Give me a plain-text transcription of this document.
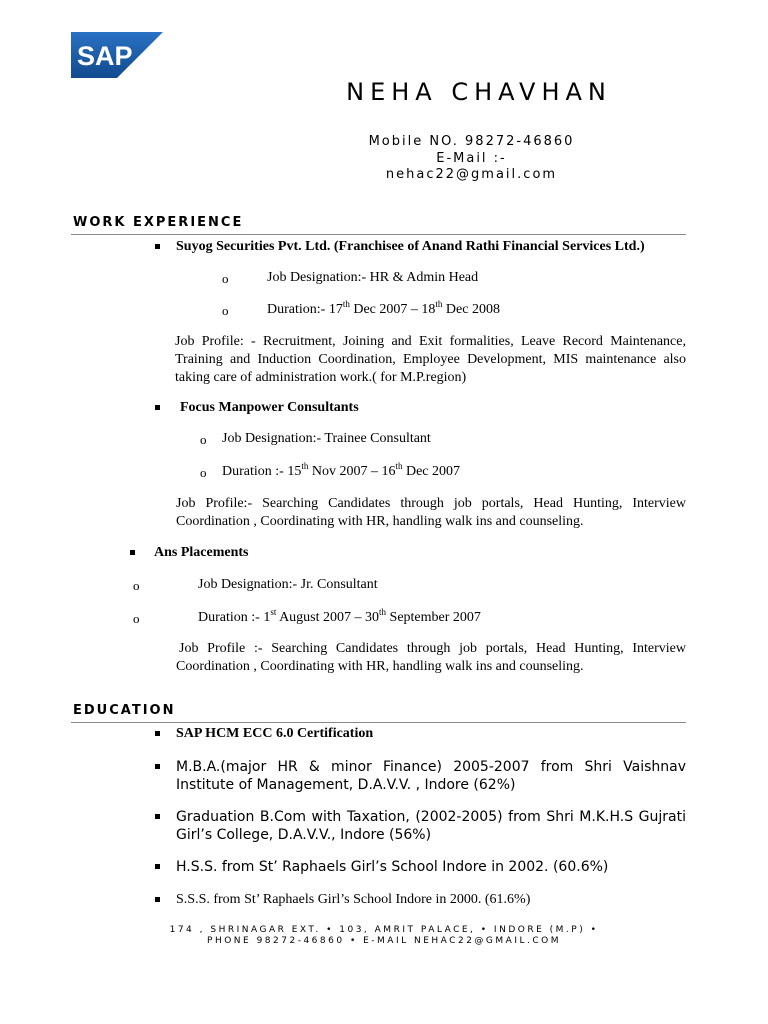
SAP
NEHA CHAVHAN
Mobile NO. 98272-46860
E-Mail :-
nehac22@gmail.com
WORK EXPERIENCE
Suyog Securities Pvt. Ltd. (Franchisee of Anand Rathi Financial Services Ltd.)
o	Job Designation:- HR & Admin Head
o	Duration:- 17th Dec 2007 – 18th Dec 2008
Job Profile: - Recruitment, Joining and Exit formalities, Leave Record Maintenance, Training and Induction Coordination, Employee Development, MIS maintenance also taking care of administration work.( for M.P.region)
Focus Manpower Consultants
o Job Designation:- Trainee Consultant
o Duration :- 15th Nov 2007 – 16th Dec 2007
Job Profile:- Searching Candidates through job portals, Head Hunting, Interview Coordination , Coordinating with HR, handling walk ins and counseling.
Ans Placements
o	Job Designation:- Jr. Consultant
o	Duration :- 1st August 2007 – 30th September 2007
Job Profile :- Searching Candidates through job portals, Head Hunting, Interview Coordination , Coordinating with HR, handling walk ins and counseling.
EDUCATION
SAP HCM ECC 6.0 Certification
M.B.A.(major HR & minor Finance) 2005-2007 from Shri Vaishnav Institute of Management, D.A.V.V. , Indore (62%)
Graduation B.Com with Taxation, (2002-2005) from Shri M.K.H.S Gujrati Girl’s College, D.A.V.V., Indore (56%)
H.S.S. from St’ Raphaels Girl’s School Indore in 2002. (60.6%)
S.S.S. from St’ Raphaels Girl’s School Indore in 2000. (61.6%)
174 , SHRINAGAR EXT. • 103, AMRIT PALACE, • INDORE (M.P) •
PHONE 98272-46860 • E-MAIL NEHAC22@GMAIL.COM
